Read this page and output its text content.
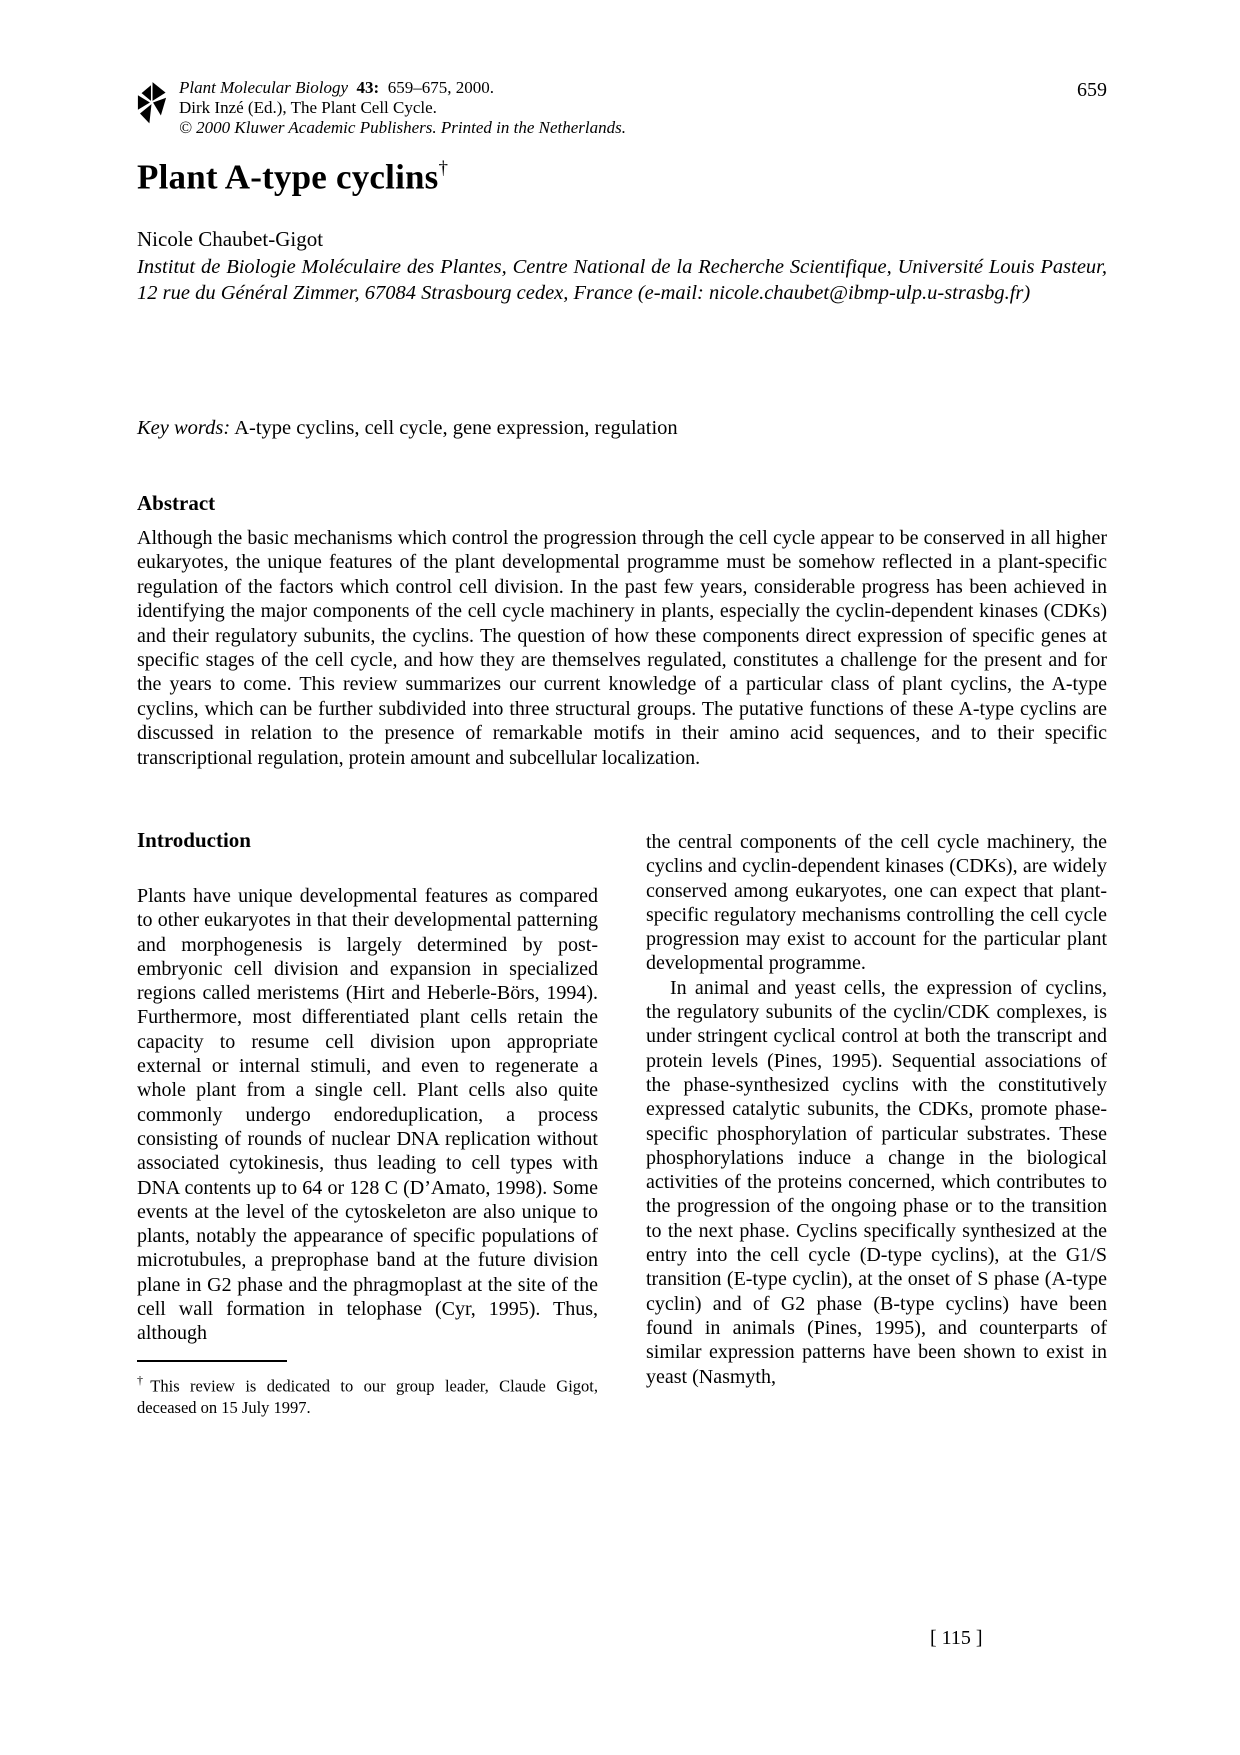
Plant Molecular Biology 43: 659–675, 2000.
Dirk Inzé (Ed.), The Plant Cell Cycle.
© 2000 Kluwer Academic Publishers. Printed in the Netherlands.
659
Plant A-type cyclins†
Nicole Chaubet-Gigot
Institut de Biologie Moléculaire des Plantes, Centre National de la Recherche Scientifique, Université Louis Pasteur, 12 rue du Général Zimmer, 67084 Strasbourg cedex, France (e-mail: nicole.chaubet@ibmp-ulp.u-strasbg.fr)
Key words: A-type cyclins, cell cycle, gene expression, regulation
Abstract

Although the basic mechanisms which control the progression through the cell cycle appear to be conserved in all higher eukaryotes, the unique features of the plant developmental programme must be somehow reflected in a plant-specific regulation of the factors which control cell division. In the past few years, considerable progress has been achieved in identifying the major components of the cell cycle machinery in plants, especially the cyclin-dependent kinases (CDKs) and their regulatory subunits, the cyclins. The question of how these components direct expression of specific genes at specific stages of the cell cycle, and how they are themselves regulated, constitutes a challenge for the present and for the years to come. This review summarizes our current knowledge of a particular class of plant cyclins, the A-type cyclins, which can be further subdivided into three structural groups. The putative functions of these A-type cyclins are discussed in relation to the presence of remarkable motifs in their amino acid sequences, and to their specific transcriptional regulation, protein amount and subcellular localization.

Introduction

Plants have unique developmental features as compared to other eukaryotes in that their developmental patterning and morphogenesis is largely determined by post-embryonic cell division and expansion in specialized regions called meristems (Hirt and Heberle-Börs, 1994). Furthermore, most differentiated plant cells retain the capacity to resume cell division upon appropriate external or internal stimuli, and even to regenerate a whole plant from a single cell. Plant cells also quite commonly undergo endoreduplication, a process consisting of rounds of nuclear DNA replication without associated cytokinesis, thus leading to cell types with DNA contents up to 64 or 128 C (D’Amato, 1998). Some events at the level of the cytoskeleton are also unique to plants, notably the appearance of specific populations of microtubules, a preprophase band at the future division plane in G2 phase and the phragmoplast at the site of the cell wall formation in telophase (Cyr, 1995). Thus, although

†This review is dedicated to our group leader, Claude Gigot, deceased on 15 July 1997.

the central components of the cell cycle machinery, the cyclins and cyclin-dependent kinases (CDKs), are widely conserved among eukaryotes, one can expect that plant-specific regulatory mechanisms controlling the cell cycle progression may exist to account for the particular plant developmental programme.

In animal and yeast cells, the expression of cyclins, the regulatory subunits of the cyclin/CDK complexes, is under stringent cyclical control at both the transcript and protein levels (Pines, 1995). Sequential associations of the phase-synthesized cyclins with the constitutively expressed catalytic subunits, the CDKs, promote phase-specific phosphorylation of particular substrates. These phosphorylations induce a change in the biological activities of the proteins concerned, which contributes to the progression of the ongoing phase or to the transition to the next phase. Cyclins specifically synthesized at the entry into the cell cycle (D-type cyclins), at the G1/S transition (E-type cyclin), at the onset of S phase (A-type cyclin) and of G2 phase (B-type cyclins) have been found in animals (Pines, 1995), and counterparts of similar expression patterns have been shown to exist in yeast (Nasmyth,

[ 115 ]
